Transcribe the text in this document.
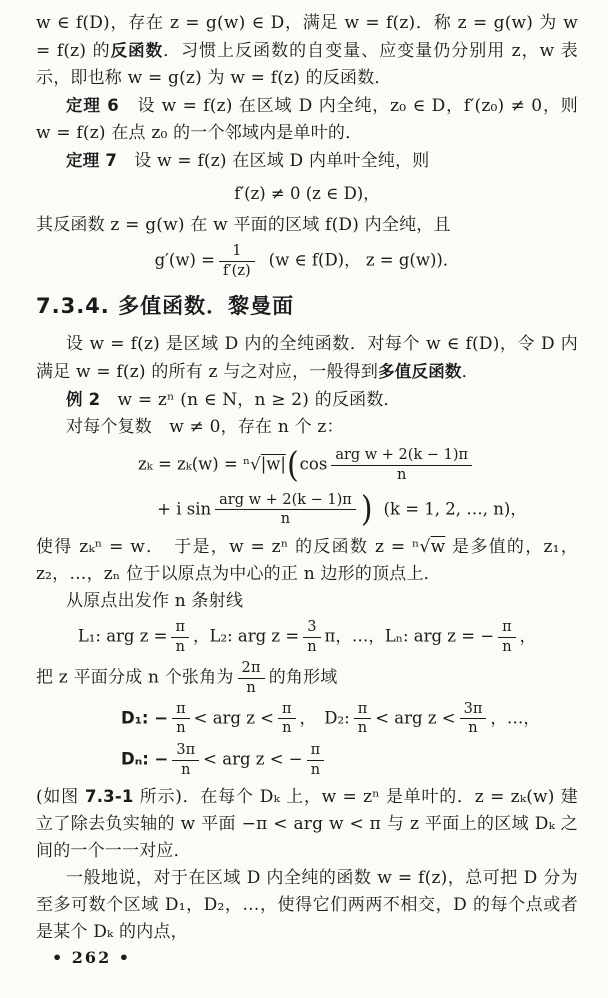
w ∈ f(D)，存在 z = g(w) ∈ D，满足 w = f(z)．称 z = g(w) 为 w = f(z) 的反函数．习惯上反函数的自变量、应变量仍分别用 z，w 表示，即也称 w = g(z) 为 w = f(z) 的反函数．

定理 6　设 w = f(z) 在区域 D 内全纯，z₀ ∈ D，f′(z₀) ≠ 0，则 w = f(z) 在点 z₀ 的一个邻域内是单叶的．

定理 7　设 w = f(z) 在区域 D 内单叶全纯，则

f′(z) ≠ 0 (z ∈ D)，

其反函数 z = g(w) 在 w 平面的区域 f(D) 内全纯，且

$g'(w) = \frac{1}{f'(z)} (w$ ∈ f(D)， z = g(w))．

7.3.4. 多值函数．黎曼面

设 w = f(z) 是区域 D 内的全纯函数．对每个 w ∈ f(D)，令 D 内满足 w = f(z) 的所有 z 与之对应，一般得到多值反函数．

例 2　w = zⁿ (n ∈ N，n ≥ 2) 的反函数．

对每个复数　w ≠ 0，存在 n 个 z：

$z_k = z_k(w) = ^n√|w|(\cos \frac{\text{arg w + 2(k − 1)π}}{n}$
+ i $\sin \frac{\text{arg w + 2(k − 1)π}}{n}$ ) (k = 1, 2, …, n)，

使得 zₖⁿ = w．　于是，w = zⁿ 的反函数 z = ⁿ√w 是多值的，z₁，z₂，…，zₙ 位于以原点为中心的正 n 边形的顶点上．

从原点出发作 n 条射线

L₁: arg $z = \frac{\pi}{n}$ ，L₂: arg $z = \frac{3}{n}$ π，…，Lₙ: arg z = − $\frac{\pi}{n}$ ，

把 z 平面分成 n 个张角为 $\frac{2\pi}{n}$ 的角形域

D₁: − $\frac{\pi}{n}$ < arg $z < \frac{\pi}{n}$ ，　D₂: $\frac{\pi}{n}$ < arg $z < \frac{3\pi}{n}$ ，…，
Dₙ: − $\frac{3\pi}{n}$ < arg z < − $\frac{\pi}{n}$

(如图 7.3-1 所示)．在每个 Dₖ 上，w = zⁿ 是单叶的．z = zₖ(w) 建立了除去负实轴的 w 平面 −π < arg w < π 与 z 平面上的区域 Dₖ 之间的一个一一对应．

一般地说，对于在区域 D 内全纯的函数 w = f(z)，总可把 D 分为至多可数个区域 D₁，D₂，…，使得它们两两不相交，D 的每个点或者是某个 Dₖ 的内点，

• 262 •
